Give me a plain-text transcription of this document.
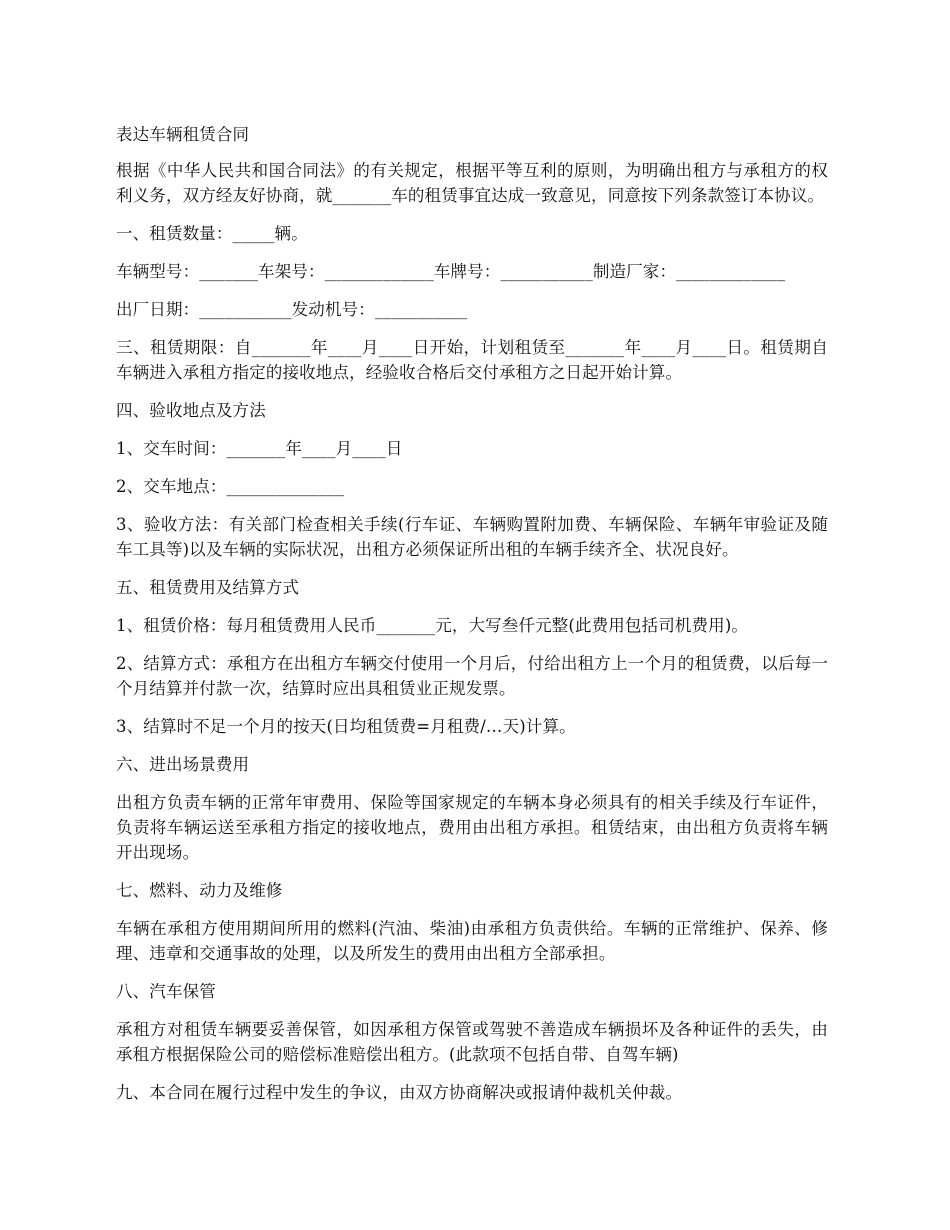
表达车辆租赁合同

根据《中华人民共和国合同法》的有关规定，根据平等互利的原则，为明确出租方与承租方的权利义务，双方经友好协商，就_______车的租赁事宜达成一致意见，同意按下列条款签订本协议。

一、租赁数量：_____辆。

车辆型号：_______车架号：_____________车牌号：___________制造厂家：_____________

出厂日期：___________发动机号：___________

三、租赁期限：自_______年____月____日开始，计划租赁至_______年____月____日。租赁期自车辆进入承租方指定的接收地点，经验收合格后交付承租方之日起开始计算。

四、验收地点及方法

1、交车时间：_______年____月____日

2、交车地点：______________

3、验收方法：有关部门检查相关手续(行车证、车辆购置附加费、车辆保险、车辆年审验证及随车工具等)以及车辆的实际状况，出租方必须保证所出租的车辆手续齐全、状况良好。

五、租赁费用及结算方式

1、租赁价格：每月租赁费用人民币_______元，大写叁仟元整(此费用包括司机费用)。

2、结算方式：承租方在出租方车辆交付使用一个月后，付给出租方上一个月的租赁费，以后每一个月结算并付款一次，结算时应出具租赁业正规发票。

3、结算时不足一个月的按天(日均租赁费=月租费/…天)计算。

六、进出场景费用

出租方负责车辆的正常年审费用、保险等国家规定的车辆本身必须具有的相关手续及行车证件，负责将车辆运送至承租方指定的接收地点，费用由出租方承担。租赁结束，由出租方负责将车辆开出现场。

七、燃料、动力及维修

车辆在承租方使用期间所用的燃料(汽油、柴油)由承租方负责供给。车辆的正常维护、保养、修理、违章和交通事故的处理，以及所发生的费用由出租方全部承担。

八、汽车保管

承租方对租赁车辆要妥善保管，如因承租方保管或驾驶不善造成车辆损坏及各种证件的丢失，由承租方根据保险公司的赔偿标准赔偿出租方。(此款项不包括自带、自驾车辆)

九、本合同在履行过程中发生的争议，由双方协商解决或报请仲裁机关仲裁。
